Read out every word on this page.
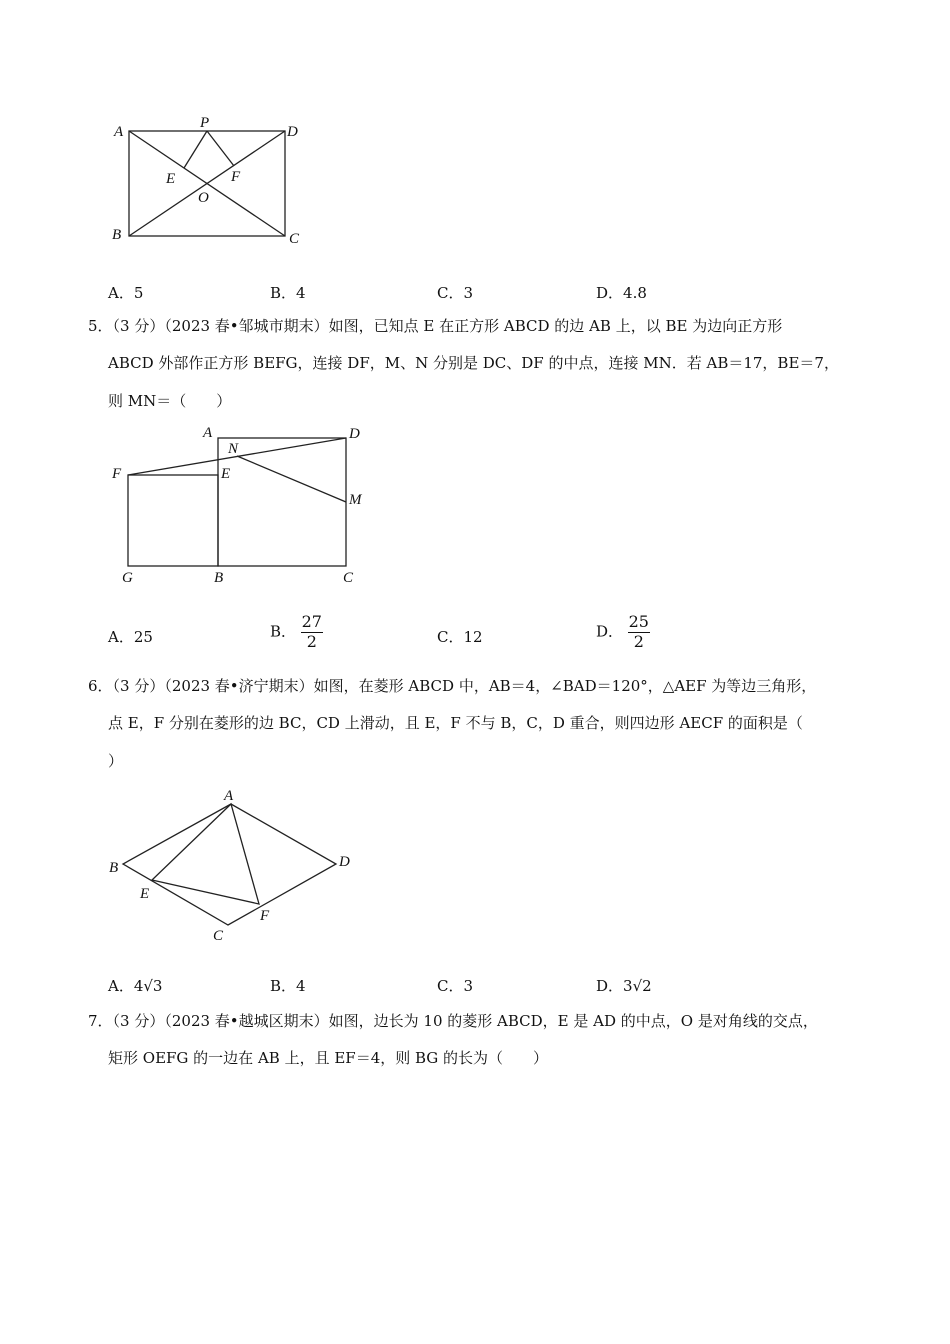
A
P
D
E	F
O
B	C
A．5	B．4	C．3	D．4.8
5．（3 分）（2023 春•邹城市期末）如图，已知点 E 在正方形 ABCD 的边 AB 上，以 BE 为边向正方形
ABCD 外部作正方形 BEFG，连接 DF，M、N 分别是 DC、DF 的中点，连接 MN．若 AB＝17，BE＝7，
则 MN＝（　　）
A
N
D
F	E
M
G	B	C
A．25	B． $\frac{27}{2}$	C．12	D． $\frac{25}{2}$
6．（3 分）（2023 春•济宁期末）如图，在菱形 ABCD 中，AB＝4，∠BAD＝120°，△AEF 为等边三角形，
点 E，F 分别在菱形的边 BC，CD 上滑动，且 E，F 不与 B，C，D 重合，则四边形 AECF 的面积是（
）
A
B	D
E
F
C
A．4√3	B．4	C．3	D．3√2
7．（3 分）（2023 春•越城区期末）如图，边长为 10 的菱形 ABCD，E 是 AD 的中点，O 是对角线的交点，
矩形 OEFG 的一边在 AB 上，且 EF＝4，则 BG 的长为（　　）
